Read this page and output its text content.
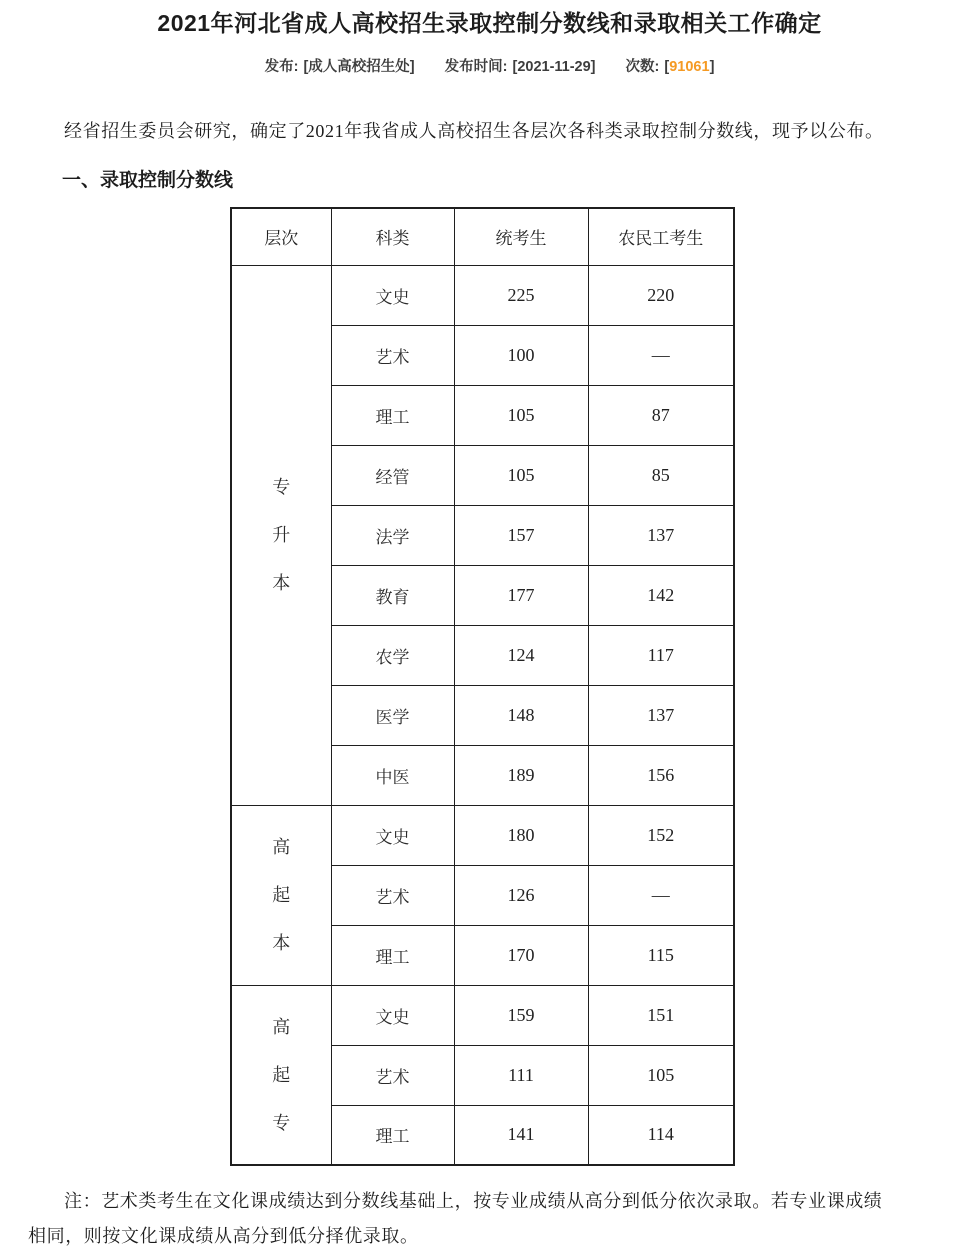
2021年河北省成人高校招生录取控制分数线和录取相关工作确定
发布: [成人高校招生处] 发布时间: [2021-11-29] 次数: [91061]

经省招生委员会研究，确定了2021年我省成人高校招生各层次各科类录取控制分数线，现予以公布。

一、录取控制分数线
层次	科类	统考生	农民工考生
专升本	文史	225	220
	艺术	100	—
	理工	105	87
	经管	105	85
	法学	157	137
	教育	177	142
	农学	124	117
	医学	148	137
	中医	189	156
高起本	文史	180	152
	艺术	126	—
	理工	170	115
高起专	文史	159	151
	艺术	111	105
	理工	141	114

注：艺术类考生在文化课成绩达到分数线基础上，按专业成绩从高分到低分依次录取。若专业课成绩相同，则按文化课成绩从高分到低分择优录取。
